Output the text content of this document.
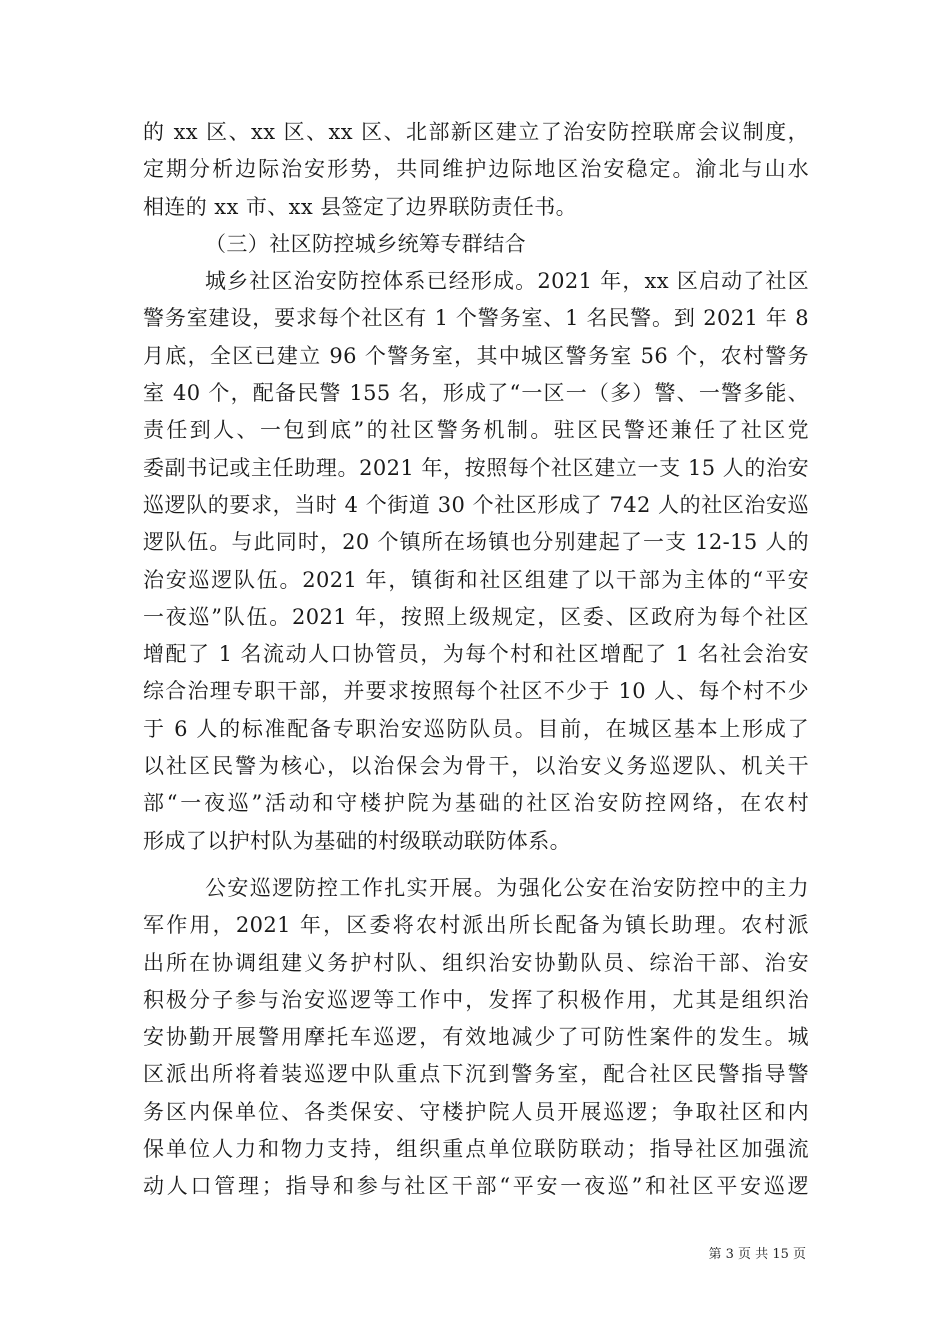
的 xx 区、xx 区、xx 区、北部新区建立了治安防控联席会议制度，
定期分析边际治安形势，共同维护边际地区治安稳定。渝北与山水
相连的 xx 市、xx 县签定了边界联防责任书。
（三）社区防控城乡统筹专群结合
城乡社区治安防控体系已经形成。2021 年，xx 区启动了社区
警务室建设，要求每个社区有 1 个警务室、1 名民警。到 2021 年 8
月底，全区已建立 96 个警务室，其中城区警务室 56 个，农村警务
室 40 个，配备民警 155 名，形成了“一区一（多）警、一警多能、
责任到人、一包到底”的社区警务机制。驻区民警还兼任了社区党
委副书记或主任助理。2021 年，按照每个社区建立一支 15 人的治安
巡逻队的要求，当时 4 个街道 30 个社区形成了 742 人的社区治安巡
逻队伍。与此同时，20 个镇所在场镇也分别建起了一支 12-15 人的
治安巡逻队伍。2021 年，镇街和社区组建了以干部为主体的“平安
一夜巡”队伍。2021 年，按照上级规定，区委、区政府为每个社区
增配了 1 名流动人口协管员，为每个村和社区增配了 1 名社会治安
综合治理专职干部，并要求按照每个社区不少于 10 人、每个村不少
于 6 人的标准配备专职治安巡防队员。目前，在城区基本上形成了
以社区民警为核心，以治保会为骨干，以治安义务巡逻队、机关干
部“一夜巡”活动和守楼护院为基础的社区治安防控网络，在农村
形成了以护村队为基础的村级联动联防体系。
公安巡逻防控工作扎实开展。为强化公安在治安防控中的主力
军作用，2021 年，区委将农村派出所长配备为镇长助理。农村派
出所在协调组建义务护村队、组织治安协勤队员、综治干部、治安
积极分子参与治安巡逻等工作中，发挥了积极作用，尤其是组织治
安协勤开展警用摩托车巡逻，有效地减少了可防性案件的发生。城
区派出所将着装巡逻中队重点下沉到警务室，配合社区民警指导警
务区内保单位、各类保安、守楼护院人员开展巡逻；争取社区和内
保单位人力和物力支持，组织重点单位联防联动；指导社区加强流
动人口管理；指导和参与社区干部“平安一夜巡”和社区平安巡逻
第 3 页 共 15 页
